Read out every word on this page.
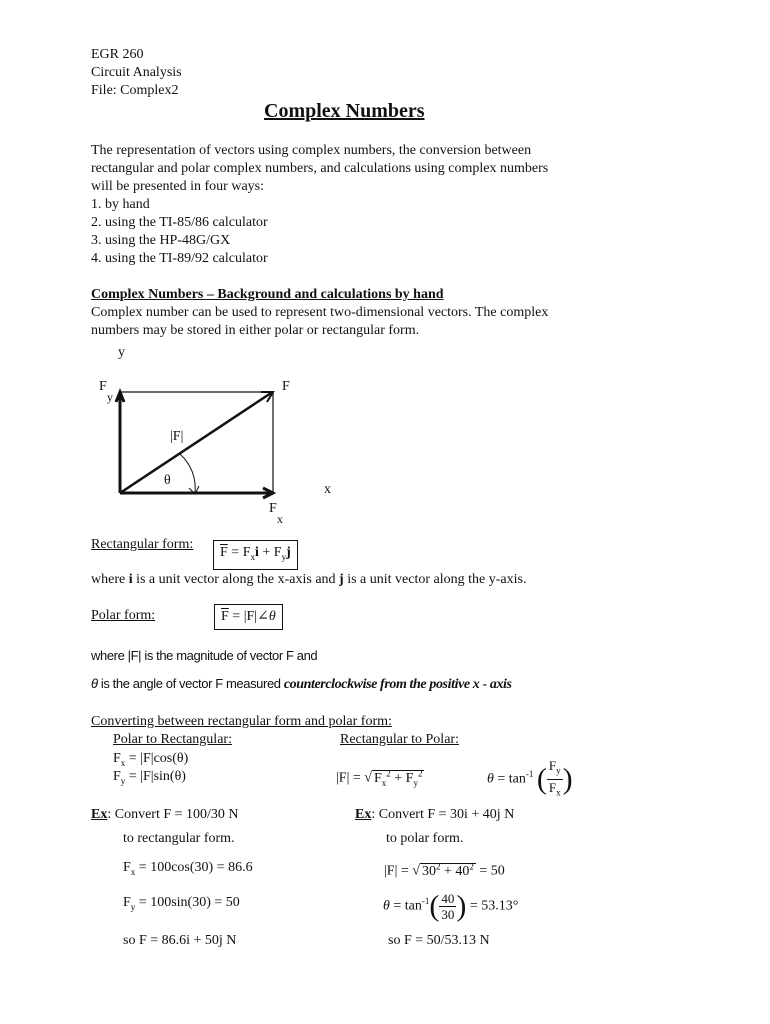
EGR 260
Circuit Analysis
File: Complex2
Complex Numbers
The representation of vectors using complex numbers, the conversion between
rectangular and polar complex numbers, and calculations using complex numbers
will be presented in four ways:
1. by hand
2. using the TI-85/86 calculator
3. using the HP-48G/GX
4. using the TI-89/92 calculator
Complex Numbers – Background and calculations by hand
Complex number can be used to represent two-dimensional vectors. The complex
numbers may be stored in either polar or rectangular form.
y
F
y
F
|F|
θ
x
F
x
Rectangular form:
$\overline{F} = F_xi + F_yj$
where i is a unit vector along the x-axis and j is a unit vector along the y-axis.
Polar form:	$\overline{F}$ = |F|∠θ
where |F| is the magnitude of vector F and
θ is the angle of vector F measured counterclockwise from the positive x - axis
Converting between rectangular form and polar form:
Polar to Rectangular:	Rectangular to Polar:
$F_x = |F|\cos(\theta)$
$F_y = |F|\sin(\theta)$	|F| = √ $F_x^2 + F_y^2$	$\theta = \tan^{-1}$ ( $\frac{F_y}{F_x}$)
Ex: Convert F = 100/30 N
to rectangular form.
$F_x = 100\cos(30) = 86.6$
$F_y = 100\sin(30) = 50$
so F = 86.6i + 50j N
Ex: Convert F = 30i + 40j N
to polar form.
|F| = √ $30^2 + 40^2 = 50$
$\theta = \tan^{-1}( \frac{40}{30}) = 53.13^\circ$
so F = 50/53.13 N
